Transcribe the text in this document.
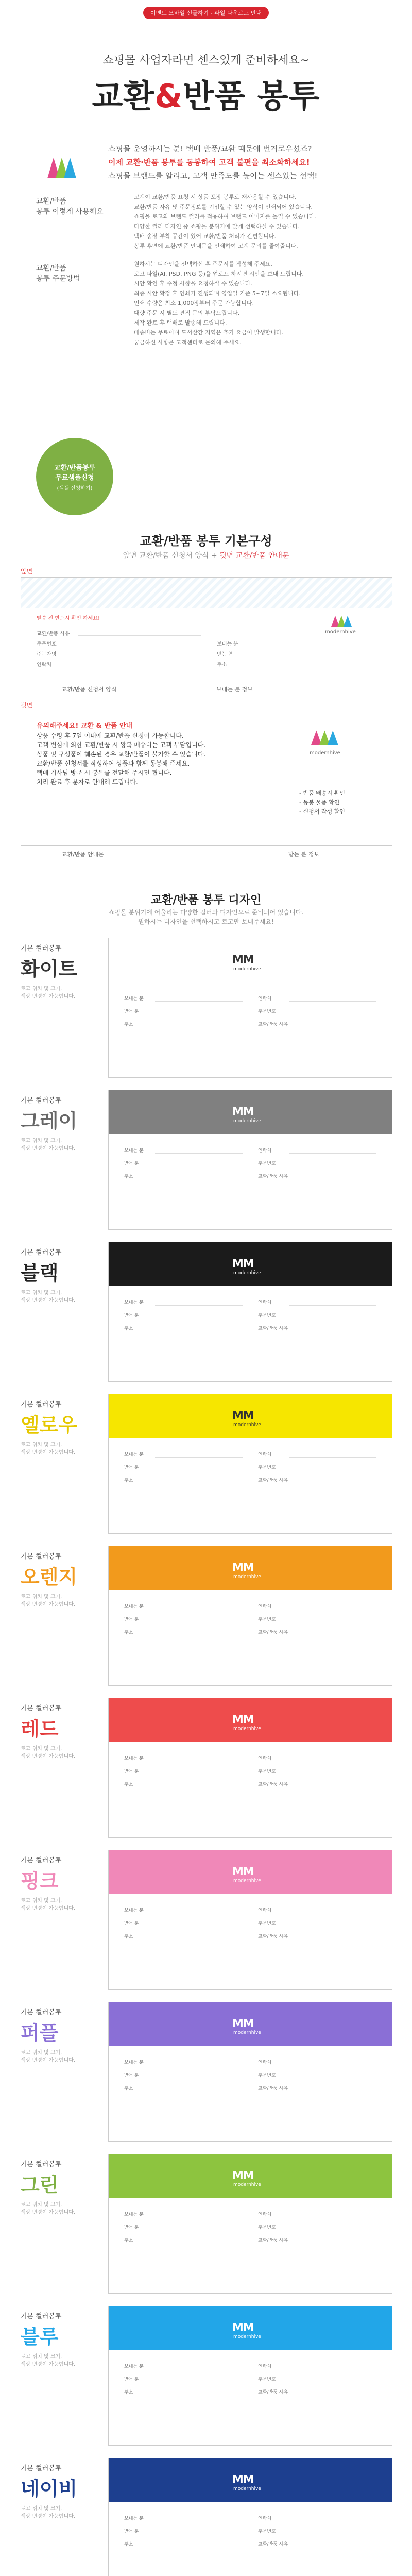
이벤트 모바일 선물하기 - 파일 다운로드 안내
쇼핑몰 사업자라면 센스있게 준비하세요~
교환&반품 봉투
쇼핑몰 운영하시는 분! 택배 반품/교환 때문에 번거로우셨죠?
이제 교환·반품 봉투를 동봉하여 고객 불편을 최소화하세요!
쇼핑몰 브랜드를 알리고, 고객 만족도를 높이는 센스있는 선택!
교환/반품
봉투 이렇게 사용해요
고객이 교환/반품 요청 시 상품 포장 봉투로 재사용할 수 있습니다.
교환/반품 사유 및 주문정보를 기입할 수 있는 양식이 인쇄되어 있습니다.
쇼핑몰 로고와 브랜드 컬러를 적용하여 브랜드 이미지를 높일 수 있습니다.
다양한 컬러 디자인 중 쇼핑몰 분위기에 맞게 선택하실 수 있습니다.
택배 송장 부착 공간이 있어 교환/반품 처리가 간편합니다.
봉투 후면에 교환/반품 안내문을 인쇄하여 고객 문의를 줄여줍니다.
교환/반품
봉투 주문방법
원하시는 디자인을 선택하신 후 주문서를 작성해 주세요.
로고 파일(AI, PSD, PNG 등)을 업로드 하시면 시안을 보내 드립니다.
시안 확인 후 수정 사항을 요청하실 수 있습니다.
최종 시안 확정 후 인쇄가 진행되며 영업일 기준 5~7일 소요됩니다.
인쇄 수량은 최소 1,000장부터 주문 가능합니다.
대량 주문 시 별도 견적 문의 부탁드립니다.
제작 완료 후 택배로 발송해 드립니다.
배송비는 무료이며 도서산간 지역은 추가 요금이 발생합니다.
궁금하신 사항은 고객센터로 문의해 주세요.
교환/반품봉투
무료샘플신청
(샘플 신청하기)
교환/반품 봉투 기본구성
앞면 교환/반품 신청서 양식 + 뒷면 교환/반품 안내문
앞면
modernhive
발송 전 반드시 확인 하세요!
교환/반품 사유
주문번호
주문자명
연락처
보내는 분
받는 분
주소
교환/반품 신청서 양식	보내는 분 정보
뒷면
유의해주세요! 교환 & 반품 안내
상품 수령 후 7일 이내에 교환/반품 신청이 가능합니다.
고객 변심에 의한 교환/반품 시 왕복 배송비는 고객 부담입니다.
상품 및 구성품이 훼손된 경우 교환/반품이 불가할 수 있습니다.
교환/반품 신청서를 작성하여 상품과 함께 동봉해 주세요.
택배 기사님 방문 시 봉투를 전달해 주시면 됩니다.
처리 완료 후 문자로 안내해 드립니다.
modernhive
- 반품 배송지 확인
- 동봉 물품 확인
- 신청서 작성 확인
교환/반품 안내문	받는 분 정보
교환/반품 봉투 디자인
쇼핑몰 분위기에 어울리는 다양한 컬러와 디자인으로 준비되어 있습니다.
원하시는 디자인을 선택하시고 로고만 보내주세요!
기본 컬러봉투
화이트
로고 위치 및 크기,
색상 변경이 가능합니다.
MM
modernhive
보내는 분
받는 분
주소
연락처
주문번호
교환/반품 사유
기본 컬러봉투
그레이
로고 위치 및 크기,
색상 변경이 가능합니다.
MM
modernhive
보내는 분
받는 분
주소
연락처
주문번호
교환/반품 사유
기본 컬러봉투
블랙
로고 위치 및 크기,
색상 변경이 가능합니다.
MM
modernhive
보내는 분
받는 분
주소
연락처
주문번호
교환/반품 사유
기본 컬러봉투
옐로우
로고 위치 및 크기,
색상 변경이 가능합니다.
MM
modernhive
보내는 분
받는 분
주소
연락처
주문번호
교환/반품 사유
기본 컬러봉투
오렌지
로고 위치 및 크기,
색상 변경이 가능합니다.
MM
modernhive
보내는 분
받는 분
주소
연락처
주문번호
교환/반품 사유
기본 컬러봉투
레드
로고 위치 및 크기,
색상 변경이 가능합니다.
MM
modernhive
보내는 분
받는 분
주소
연락처
주문번호
교환/반품 사유
기본 컬러봉투
핑크
로고 위치 및 크기,
색상 변경이 가능합니다.
MM
modernhive
보내는 분
받는 분
주소
연락처
주문번호
교환/반품 사유
기본 컬러봉투
퍼플
로고 위치 및 크기,
색상 변경이 가능합니다.
MM
modernhive
보내는 분
받는 분
주소
연락처
주문번호
교환/반품 사유
기본 컬러봉투
그린
로고 위치 및 크기,
색상 변경이 가능합니다.
MM
modernhive
보내는 분
받는 분
주소
연락처
주문번호
교환/반품 사유
기본 컬러봉투
블루
로고 위치 및 크기,
색상 변경이 가능합니다.
MM
modernhive
보내는 분
받는 분
주소
연락처
주문번호
교환/반품 사유
기본 컬러봉투
네이비
로고 위치 및 크기,
색상 변경이 가능합니다.
MM
modernhive
보내는 분
받는 분
주소
연락처
주문번호
교환/반품 사유
